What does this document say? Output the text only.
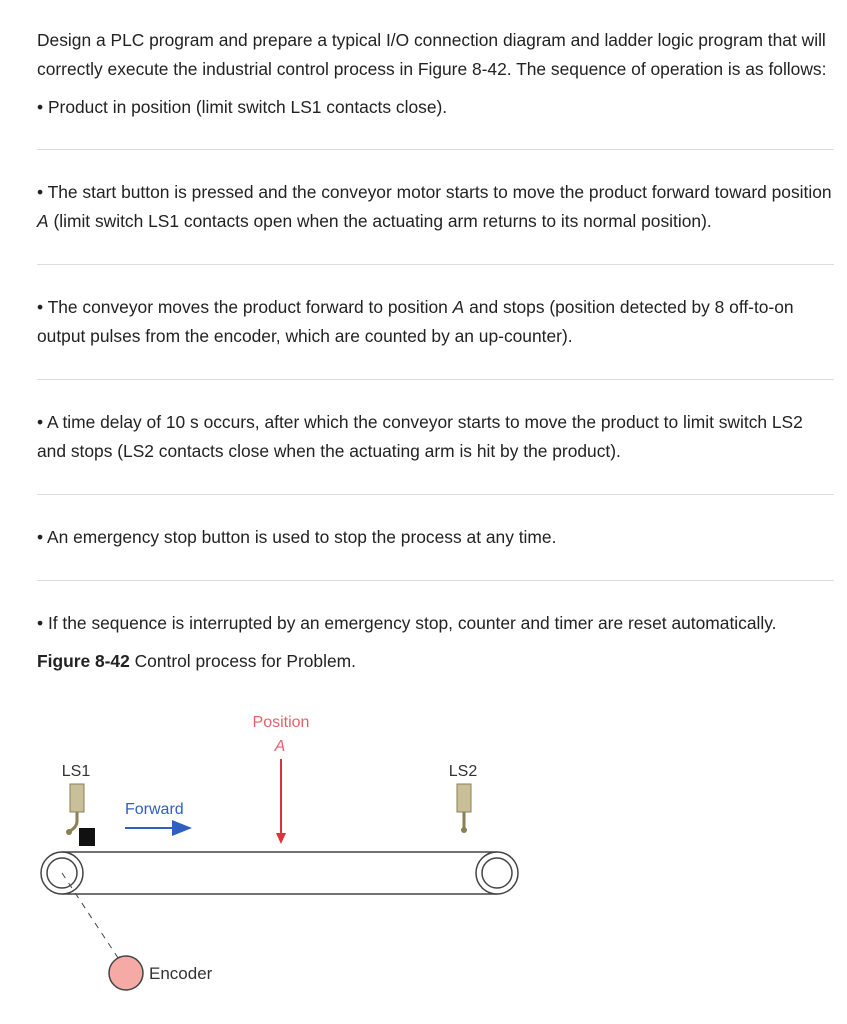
Design a PLC program and prepare a typical I/O connection diagram and ladder logic program that will correctly execute the industrial control process in Figure 8-42. The sequence of operation is as follows:

• Product in position (limit switch LS1 contacts close).

• The start button is pressed and the conveyor motor starts to move the product forward toward position A (limit switch LS1 contacts open when the actuating arm returns to its normal position).

• The conveyor moves the product forward to position A and stops (position detected by 8 off-to-on output pulses from the encoder, which are counted by an up-counter).

• A time delay of 10 s occurs, after which the conveyor starts to move the product to limit switch LS2 and stops (LS2 contacts close when the actuating arm is hit by the product).

• An emergency stop button is used to stop the process at any time.

• If the sequence is interrupted by an emergency stop, counter and timer are reset automatically.

Figure 8-42 Control process for Problem.

Position
A
LS1
Forward
LS2
Encoder
